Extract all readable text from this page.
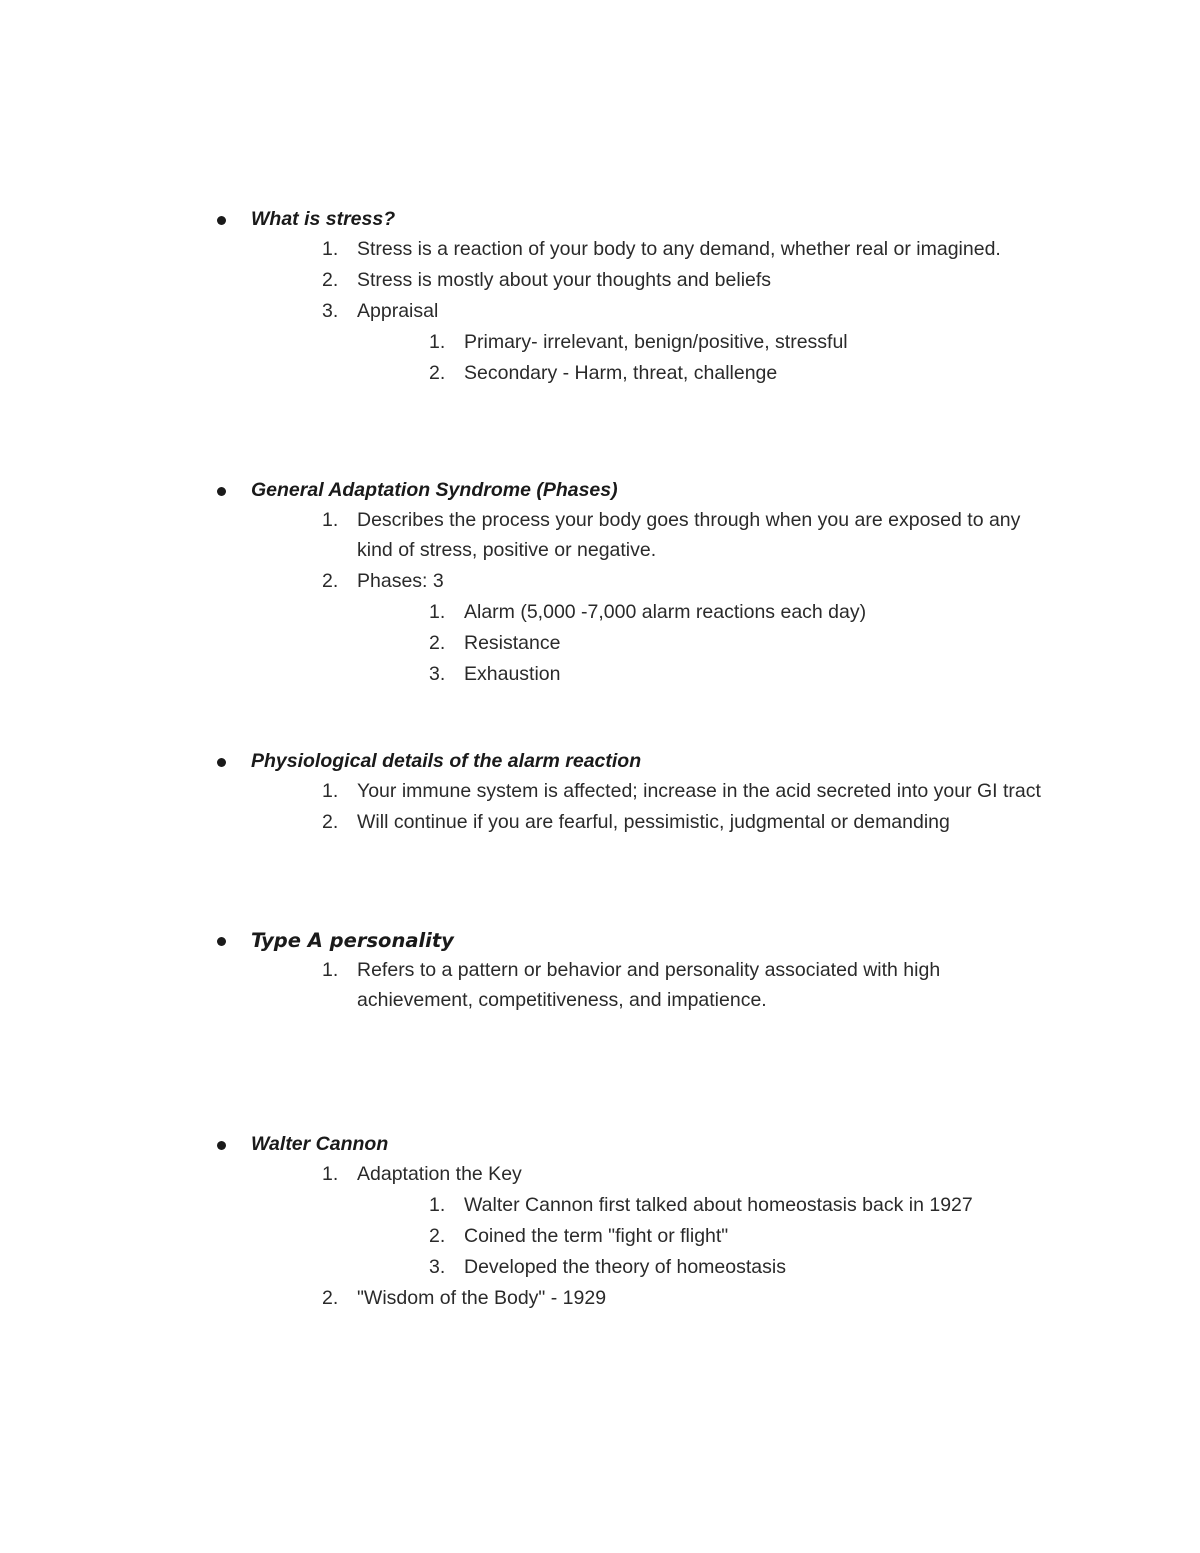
What is stress?
1. Stress is a reaction of your body to any demand, whether real or imagined.
2. Stress is mostly about your thoughts and beliefs
3. Appraisal
1. Primary- irrelevant, benign/positive, stressful
2. Secondary - Harm, threat, challenge
General Adaptation Syndrome (Phases)
1. Describes the process your body goes through when you are exposed to any kind of stress, positive or negative.
2. Phases: 3
1. Alarm (5,000 -7,000 alarm reactions each day)
2. Resistance
3. Exhaustion
Physiological details of the alarm reaction
1. Your immune system is affected; increase in the acid secreted into your GI tract
2. Will continue if you are fearful, pessimistic, judgmental or demanding
Type A personality
1. Refers to a pattern or behavior and personality associated with high achievement, competitiveness, and impatience.
Walter Cannon
1. Adaptation the Key
1. Walter Cannon first talked about homeostasis back in 1927
2. Coined the term "fight or flight"
3. Developed the theory of homeostasis
2. "Wisdom of the Body" - 1929
